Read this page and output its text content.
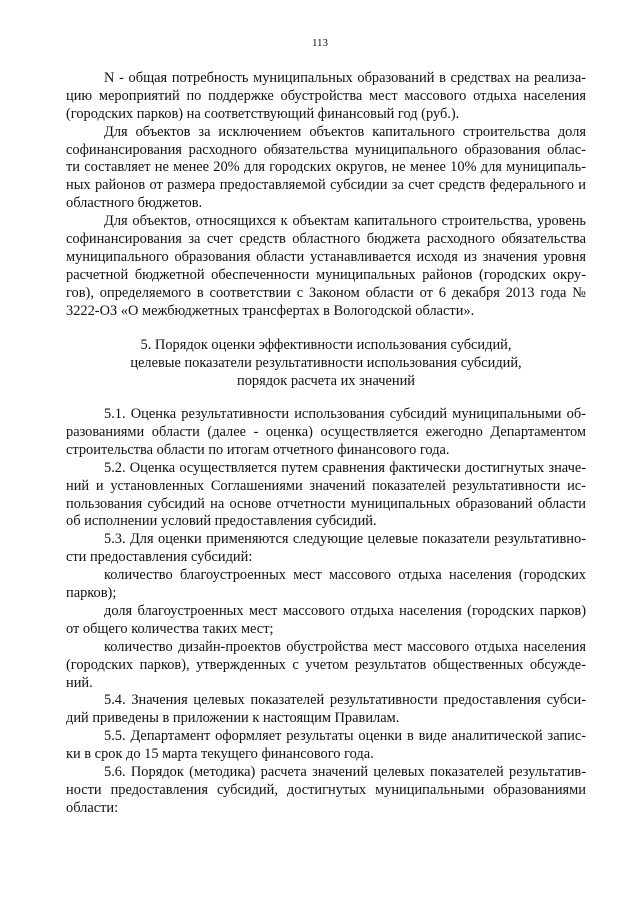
113
N - общая потребность муниципальных образований в средствах на реализа-
цию мероприятий по поддержке обустройства мест массового отдыха населения
(городских парков) на соответствующий финансовый год (руб.).
Для объектов за исключением объектов капитального строительства доля
софинансирования расходного обязательства муниципального образования облас-
ти составляет не менее 20% для городских округов, не менее 10% для муниципаль-
ных районов от размера предоставляемой субсидии за счет средств федерального и
областного бюджетов.
Для объектов, относящихся к объектам капитального строительства, уровень
софинансирования за счет средств областного бюджета расходного обязательства
муниципального образования области устанавливается исходя из значения уровня
расчетной бюджетной обеспеченности муниципальных районов (городских окру-
гов), определяемого в соответствии с Законом области от 6 декабря 2013 года №
3222-ОЗ «О межбюджетных трансфертах в Вологодской области».
5. Порядок оценки эффективности использования субсидий,
целевые показатели результативности использования субсидий,
порядок расчета их значений
5.1. Оценка результативности использования субсидий муниципальными об-
разованиями области (далее - оценка) осуществляется ежегодно Департаментом
строительства области по итогам отчетного финансового года.
5.2. Оценка осуществляется путем сравнения фактически достигнутых значе-
ний и установленных Соглашениями значений показателей результативности ис-
пользования субсидий на основе отчетности муниципальных образований области
об исполнении условий предоставления субсидий.
5.3. Для оценки применяются следующие целевые показатели результативно-
сти предоставления субсидий:
количество благоустроенных мест массового отдыха населения (городских
парков);
доля благоустроенных мест массового отдыха населения (городских парков)
от общего количества таких мест;
количество дизайн-проектов обустройства мест массового отдыха населения
(городских парков), утвержденных с учетом результатов общественных обсужде-
ний.
5.4. Значения целевых показателей результативности предоставления субси-
дий приведены в приложении к настоящим Правилам.
5.5. Департамент оформляет результаты оценки в виде аналитической запис-
ки в срок до 15 марта текущего финансового года.
5.6. Порядок (методика) расчета значений целевых показателей результатив-
ности предоставления субсидий, достигнутых муниципальными образованиями
области:
